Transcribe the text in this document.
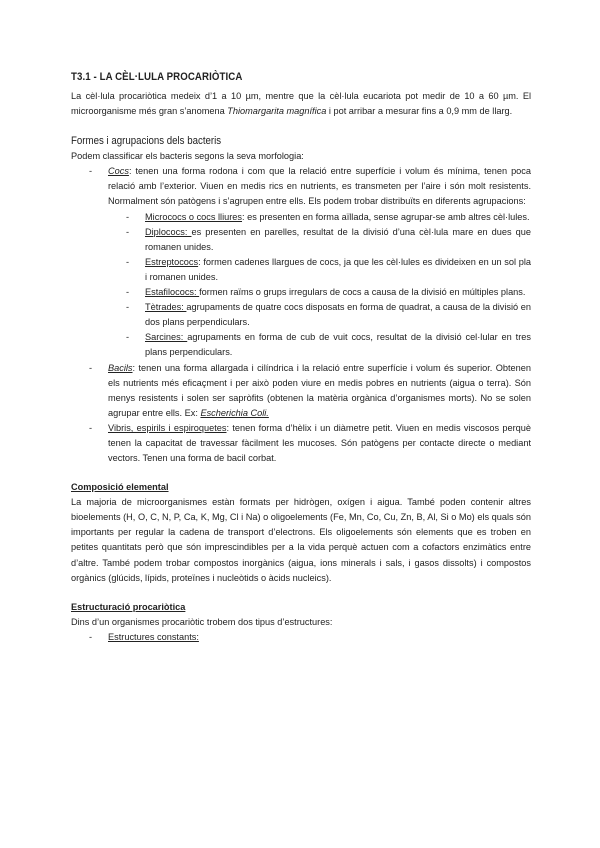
T3.1 - LA CÈL·LULA PROCARIÒTICA

La cèl·lula procariòtica medeix d’1 a 10 µm, mentre que la cèl·lula eucariota pot medir de 10 a 60 µm. El microorganisme més gran s’anomena Thiomargarita magnífica i pot arribar a mesurar fins a 0,9 mm de llarg.

Formes i agrupacions dels bacteris

Podem classificar els bacteris segons la seva morfologia:

- Cocs: tenen una forma rodona i com que la relació entre superfície i volum és mínima, tenen poca relació amb l’exterior. Viuen en medis rics en nutrients, es transmeten per l’aire i són molt resistents. Normalment són patògens i s’agrupen entre ells. Els podem trobar distribuïts en diferents agrupacions:
- Micrococs o cocs lliures: es presenten en forma aïllada, sense agrupar-se amb altres cèl·lules.
- Diplococs: es presenten en parelles, resultat de la divisió d’una cèl·lula mare en dues que romanen unides.
- Estreptococs: formen cadenes llargues de cocs, ja que les cèl·lules es divideixen en un sol pla i romanen unides.
- Estafilococs: formen raïms o grups irregulars de cocs a causa de la divisió en múltiples plans.
- Tètrades: agrupaments de quatre cocs disposats en forma de quadrat, a causa de la divisió en dos plans perpendiculars.
- Sarcines: agrupaments en forma de cub de vuit cocs, resultat de la divisió cel·lular en tres plans perpendiculars.
- Bacils: tenen una forma allargada i cilíndrica i la relació entre superfície i volum és superior. Obtenen els nutrients més eficaçment i per això poden viure en medis pobres en nutrients (aigua o terra). Són menys resistents i solen ser sapròfits (obtenen la matèria orgànica d’organismes morts). No se solen agrupar entre ells. Ex: Escherichia Coli.
- Vibris, espirils i espiroquetes: tenen forma d’hèlix i un diàmetre petit. Viuen en medis viscosos perquè tenen la capacitat de travessar fàcilment les mucoses. Són patògens per contacte directe o mediant vectors. Tenen una forma de bacil corbat.
Composició elemental

La majoria de microorganismes estàn formats per hidrògen, oxígen i aigua. També poden contenir altres bioelements (H, O, C, N, P, Ca, K, Mg, Cl i Na) o oligoelements (Fe, Mn, Co, Cu, Zn, B, Al, Si o Mo) els quals són importants per regular la cadena de transport d’electrons. Els oligoelements són elements que es troben en petites quantitats però que són imprescindibles per a la vida perquè actuen com a cofactors enzimàtics entre d’altre. També podem trobar compostos inorgànics (aigua, ions minerals i sals, i gasos dissolts) i compostos orgànics (glúcids, lípids, proteïnes i nucleòtids o àcids nucleics).

Estructuració procariòtica

Dins d’un organismes procariòtic trobem dos tipus d’estructures:

- Estructures constants:
